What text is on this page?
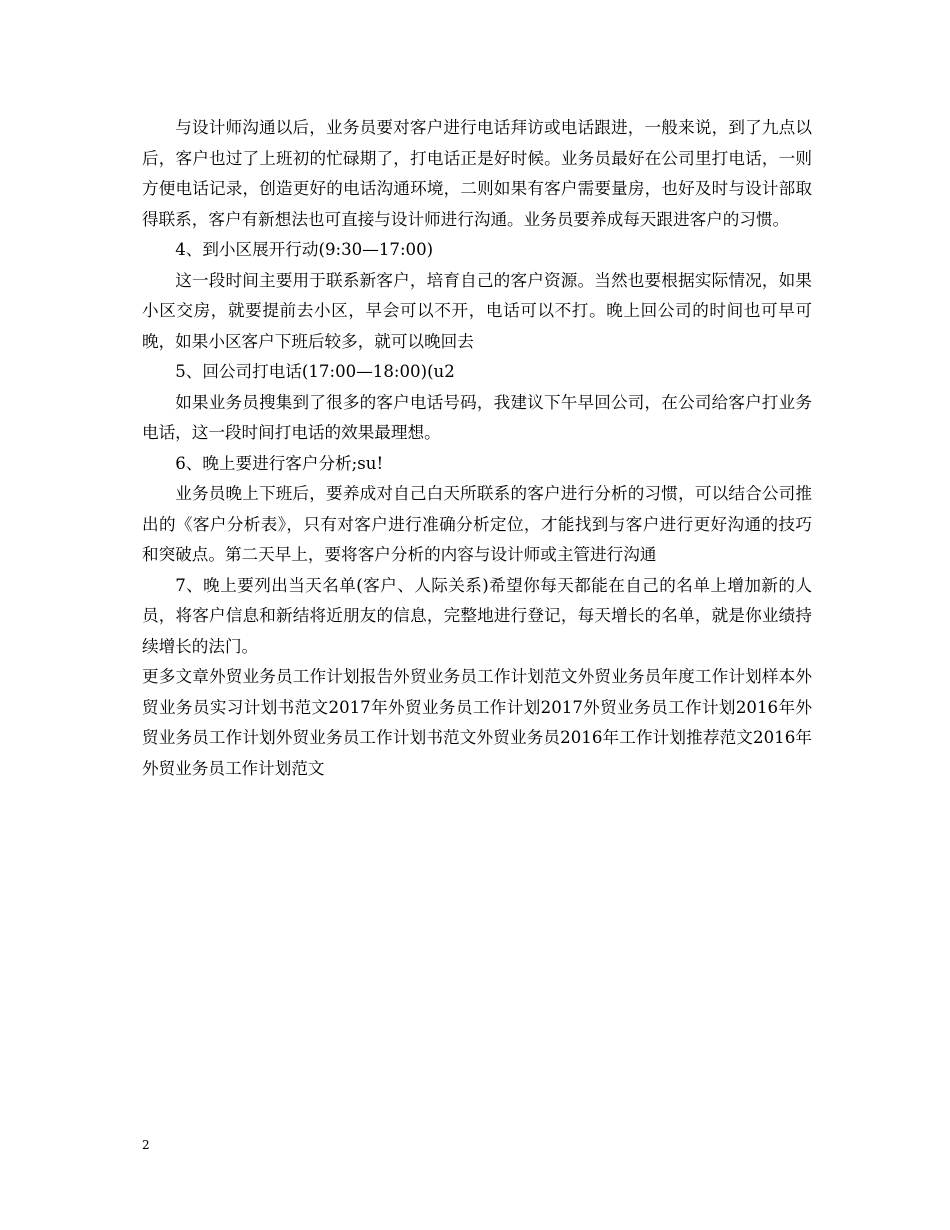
与设计师沟通以后，业务员要对客户进行电话拜访或电话跟进，一般来说，到了九点以后，客户也过了上班初的忙碌期了，打电话正是好时候。业务员最好在公司里打电话，一则方便电话记录，创造更好的电话沟通环境，二则如果有客户需要量房，也好及时与设计部取得联系，客户有新想法也可直接与设计师进行沟通。业务员要养成每天跟进客户的习惯。

4、到小区展开行动(9:30—17:00)

这一段时间主要用于联系新客户，培育自己的客户资源。当然也要根据实际情况，如果小区交房，就要提前去小区，早会可以不开，电话可以不打。晚上回公司的时间也可早可晚，如果小区客户下班后较多，就可以晚回去

5、回公司打电话(17:00—18:00)(u2

如果业务员搜集到了很多的客户电话号码，我建议下午早回公司，在公司给客户打业务电话，这一段时间打电话的效果最理想。

6、晚上要进行客户分析;su!

业务员晚上下班后，要养成对自己白天所联系的客户进行分析的习惯，可以结合公司推出的《客户分析表》，只有对客户进行准确分析定位，才能找到与客户进行更好沟通的技巧和突破点。第二天早上，要将客户分析的内容与设计师或主管进行沟通

7、晚上要列出当天名单(客户、人际关系)希望你每天都能在自己的名单上增加新的人员，将客户信息和新结将近朋友的信息，完整地进行登记，每天增长的名单，就是你业绩持续增长的法门。

更多文章外贸业务员工作计划报告外贸业务员工作计划范文外贸业务员年度工作计划样本外贸业务员实习计划书范文2017年外贸业务员工作计划2017外贸业务员工作计划2016年外贸业务员工作计划外贸业务员工作计划书范文外贸业务员2016年工作计划推荐范文2016年外贸业务员工作计划范文

2
